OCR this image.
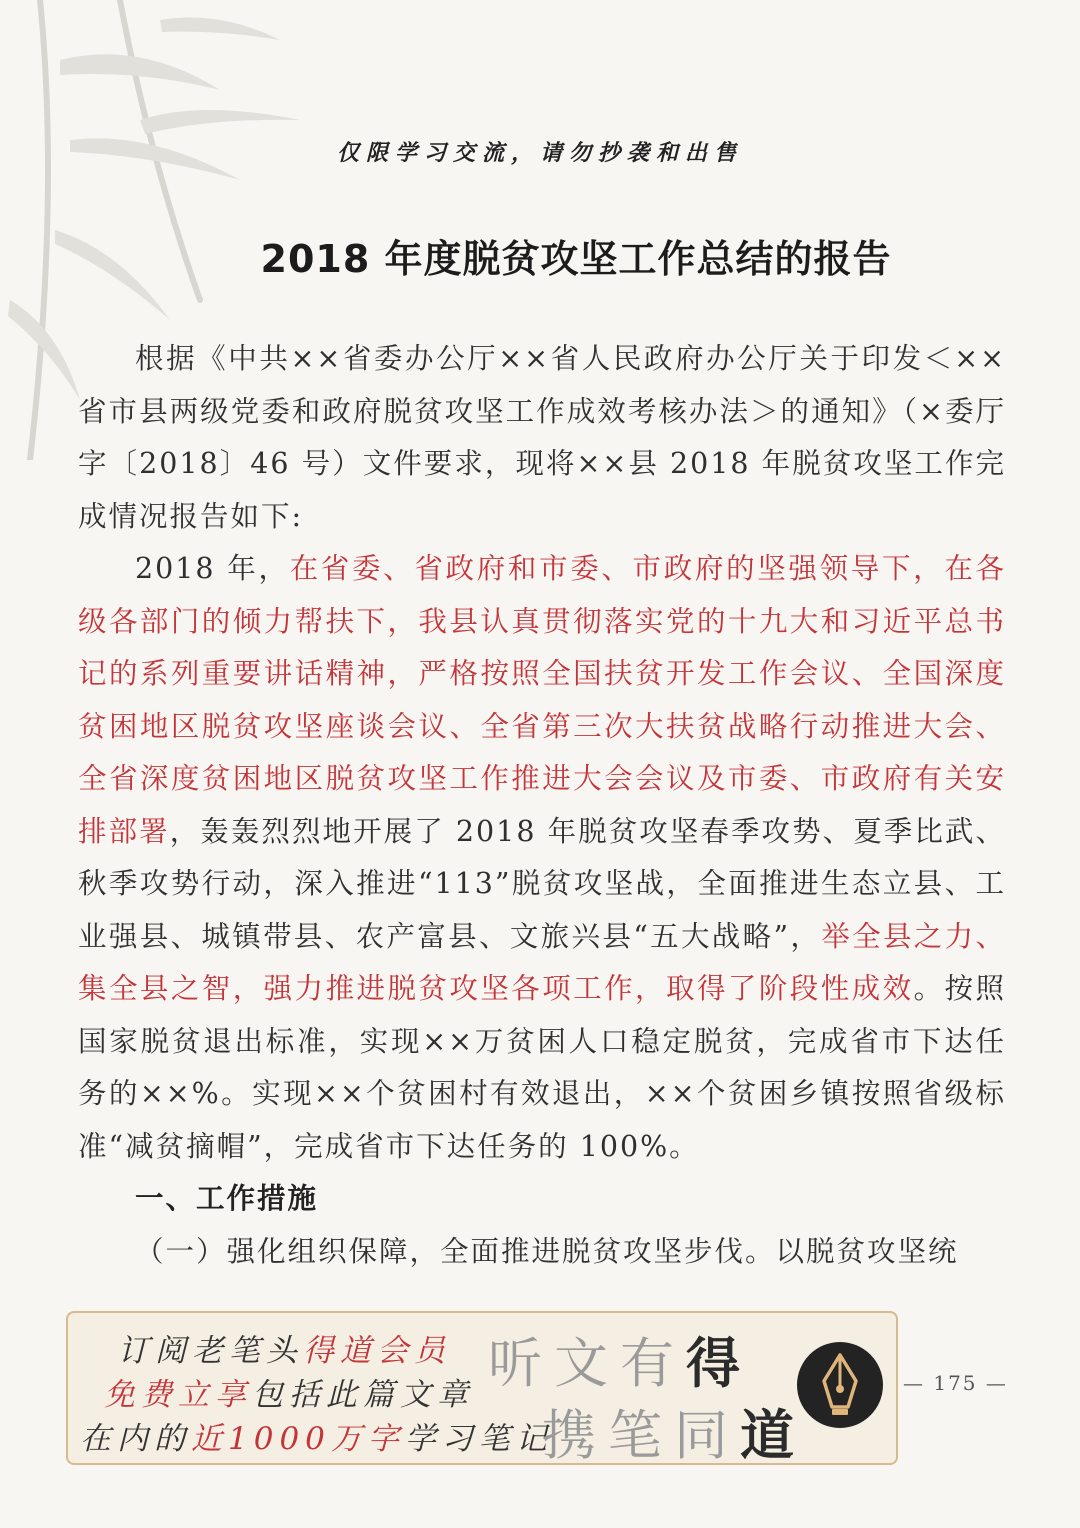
仅限学习交流，请勿抄袭和出售
2018 年度脱贫攻坚工作总结的报告

根据《中共××省委办公厅××省人民政府办公厅关于印发＜××省市县两级党委和政府脱贫攻坚工作成效考核办法＞的通知》（×委厅字〔2018〕46 号）文件要求，现将××县 2018 年脱贫攻坚工作完成情况报告如下:

2018 年，在省委、省政府和市委、市政府的坚强领导下，在各级各部门的倾力帮扶下，我县认真贯彻落实党的十九大和习近平总书记的系列重要讲话精神，严格按照全国扶贫开发工作会议、全国深度贫困地区脱贫攻坚座谈会议、全省第三次大扶贫战略行动推进大会、全省深度贫困地区脱贫攻坚工作推进大会会议及市委、市政府有关安排部署，轰轰烈烈地开展了 2018 年脱贫攻坚春季攻势、夏季比武、秋季攻势行动，深入推进“113”脱贫攻坚战，全面推进生态立县、工业强县、城镇带县、农产富县、文旅兴县“五大战略”，举全县之力、集全县之智，强力推进脱贫攻坚各项工作，取得了阶段性成效。按照国家脱贫退出标准，实现××万贫困人口稳定脱贫，完成省市下达任务的××%。实现××个贫困村有效退出，××个贫困乡镇按照省级标准“减贫摘帽”，完成省市下达任务的 100%。

一、工作措施

（一）强化组织保障，全面推进脱贫攻坚步伐。以脱贫攻坚统

订阅老笔头得道会员
免费立享包括此篇文章
在内的近1000万字学习笔记
听文有得
携笔同道
— 175 —
